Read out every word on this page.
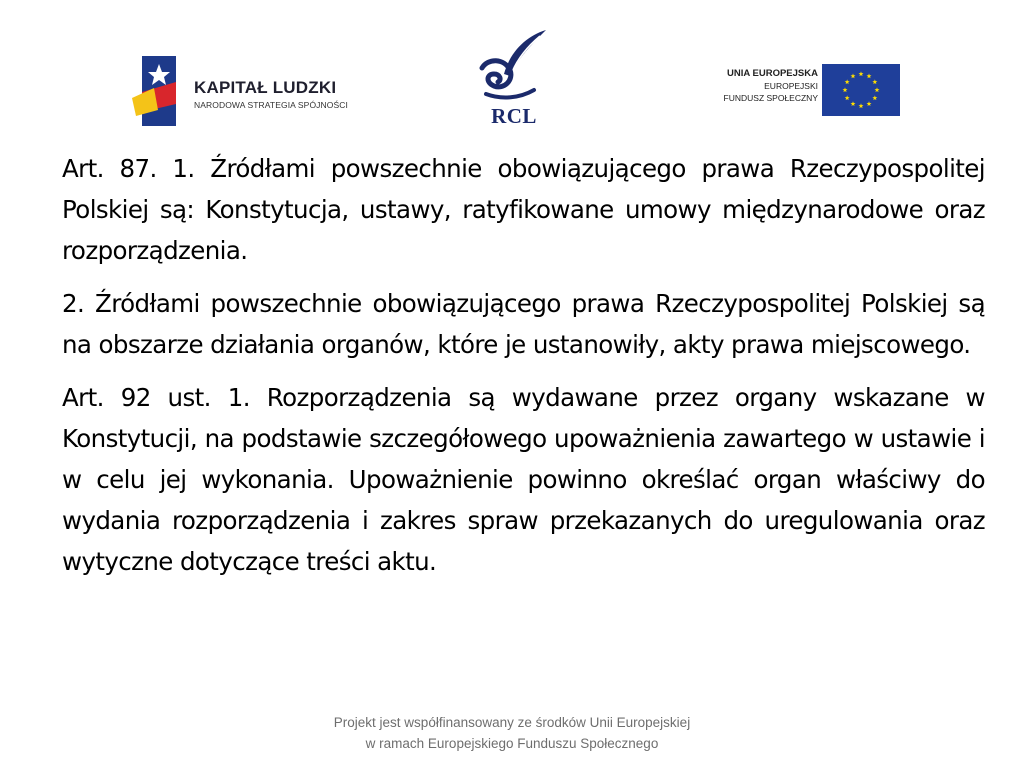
KAPITAŁ LUDZKI
NARODOWA STRATEGIA SPÓJNOŚCI	RCL
UNIA EUROPEJSKA
EUROPEJSKI
FUNDUSZ SPOŁECZNY

Art. 87. 1. Źródłami powszechnie obowiązującego prawa Rzeczypospolitej Polskiej są: Konstytucja, ustawy, ratyfikowane umowy międzynarodowe oraz rozporządzenia.

2. Źródłami powszechnie obowiązującego prawa Rzeczypospolitej Polskiej są na obszarze działania organów, które je ustanowiły, akty prawa miejscowego.

Art. 92 ust. 1. Rozporządzenia są wydawane przez organy wskazane w Konstytucji, na podstawie szczegółowego upoważnienia zawartego w ustawie i w celu jej wykonania. Upoważnienie powinno określać organ właściwy do wydania rozporządzenia i zakres spraw przekazanych do uregulowania oraz wytyczne dotyczące treści aktu.

Projekt jest współfinansowany ze środków Unii Europejskiej
w ramach Europejskiego Funduszu Społecznego
